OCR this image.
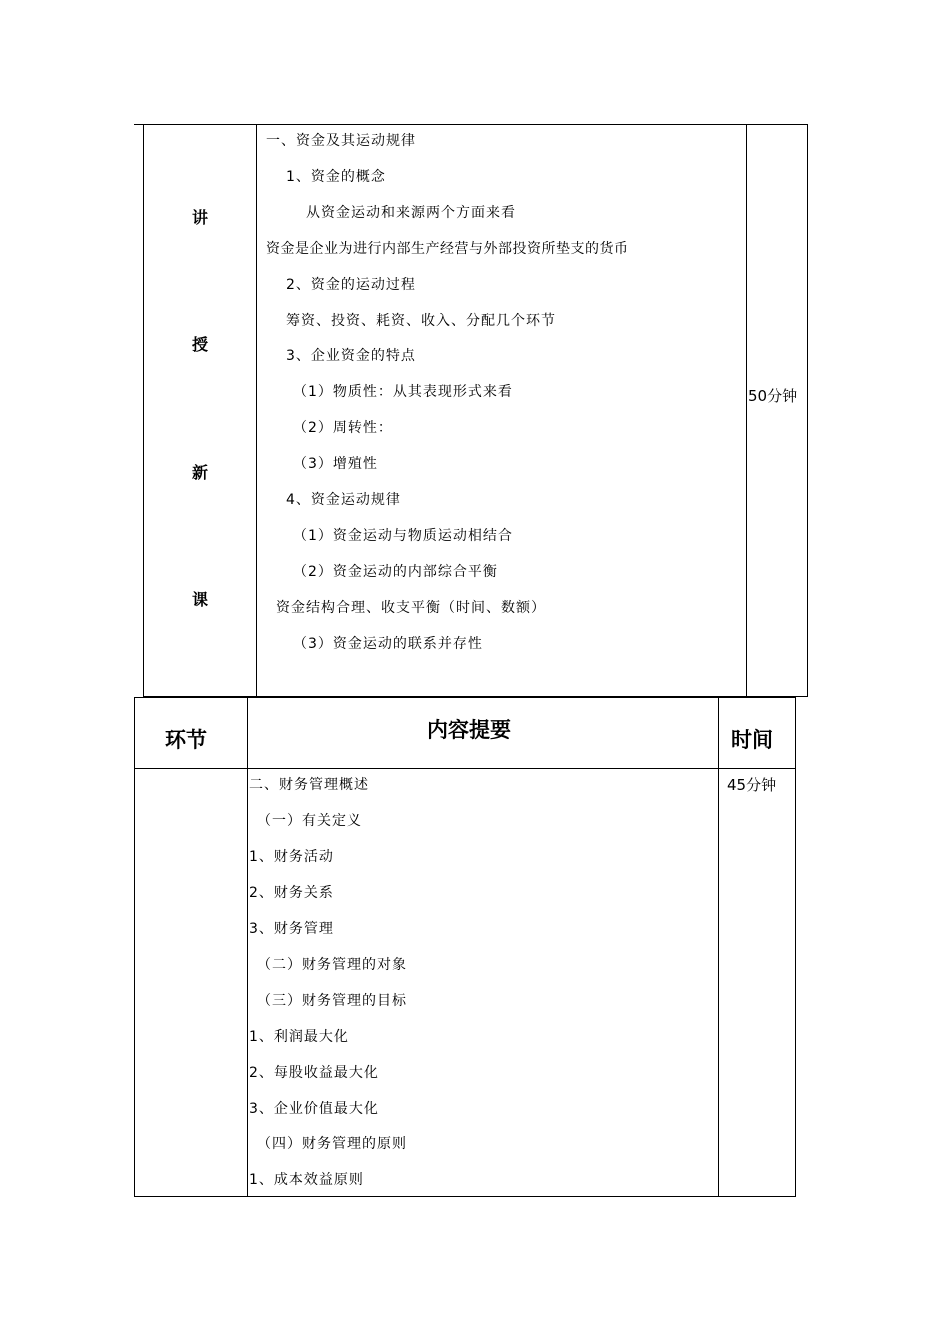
讲
授
新
课
一、资金及其运动规律
1、资金的概念
从资金运动和来源两个方面来看
资金是企业为进行内部生产经营与外部投资所垫支的货币
2、资金的运动过程
筹资、投资、耗资、收入、分配几个环节
3、企业资金的特点
（1）物质性：从其表现形式来看
（2）周转性：
（3）增殖性
4、资金运动规律
（1）资金运动与物质运动相结合
（2）资金运动的内部综合平衡
资金结构合理、收支平衡（时间、数额）
（3）资金运动的联系并存性
50分钟
环节	内容提要	时间
二、财务管理概述
（一）有关定义
1、财务活动
2、财务关系
3、财务管理
（二）财务管理的对象
（三）财务管理的目标
1、利润最大化
2、每股收益最大化
3、企业价值最大化
（四）财务管理的原则
1、成本效益原则
45分钟
